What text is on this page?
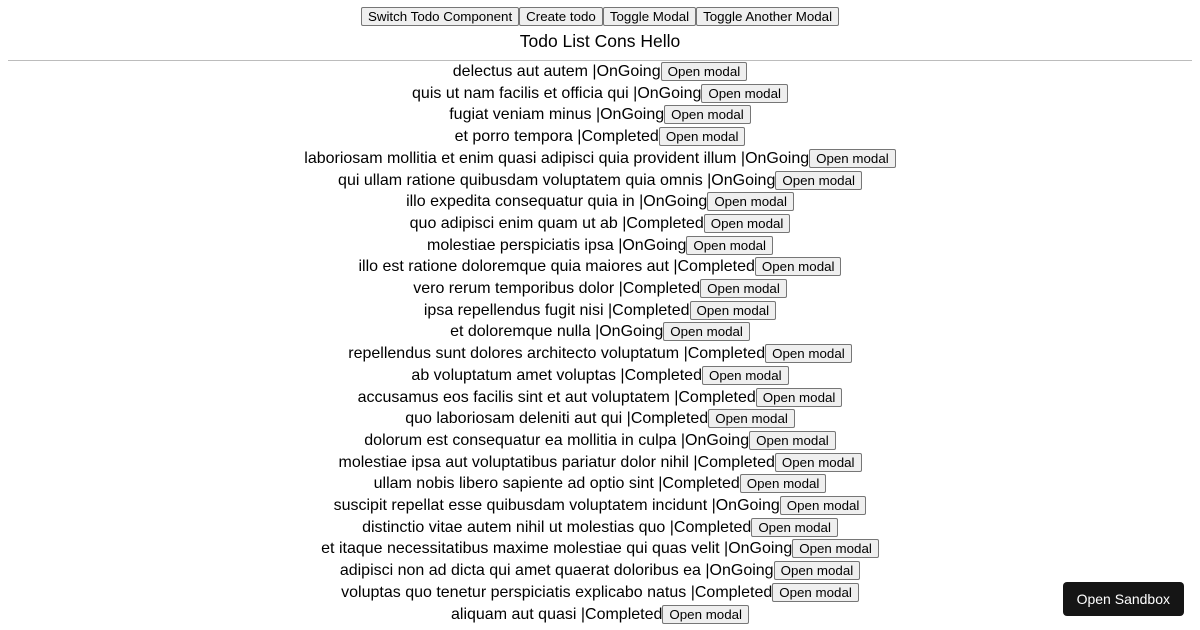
Switch Todo Component Create todo Toggle Modal Toggle Another Modal
Todo List Cons Hello
delectus aut autem |OnGoing Open modal
quis ut nam facilis et officia qui |OnGoing Open modal
fugiat veniam minus |OnGoing Open modal
et porro tempora |Completed Open modal
laboriosam mollitia et enim quasi adipisci quia provident illum |OnGoing Open modal
qui ullam ratione quibusdam voluptatem quia omnis |OnGoing Open modal
illo expedita consequatur quia in |OnGoing Open modal
quo adipisci enim quam ut ab |Completed Open modal
molestiae perspiciatis ipsa |OnGoing Open modal
illo est ratione doloremque quia maiores aut |Completed Open modal
vero rerum temporibus dolor |Completed Open modal
ipsa repellendus fugit nisi |Completed Open modal
et doloremque nulla |OnGoing Open modal
repellendus sunt dolores architecto voluptatum |Completed Open modal
ab voluptatum amet voluptas |Completed Open modal
accusamus eos facilis sint et aut voluptatem |Completed Open modal
quo laboriosam deleniti aut qui |Completed Open modal
dolorum est consequatur ea mollitia in culpa |OnGoing Open modal
molestiae ipsa aut voluptatibus pariatur dolor nihil |Completed Open modal
ullam nobis libero sapiente ad optio sint |Completed Open modal
suscipit repellat esse quibusdam voluptatem incidunt |OnGoing Open modal
distinctio vitae autem nihil ut molestias quo |Completed Open modal
et itaque necessitatibus maxime molestiae qui quas velit |OnGoing Open modal
adipisci non ad dicta qui amet quaerat doloribus ea |OnGoing Open modal
voluptas quo tenetur perspiciatis explicabo natus |Completed Open modal
aliquam aut quasi |Completed Open modal
Open Sandbox
